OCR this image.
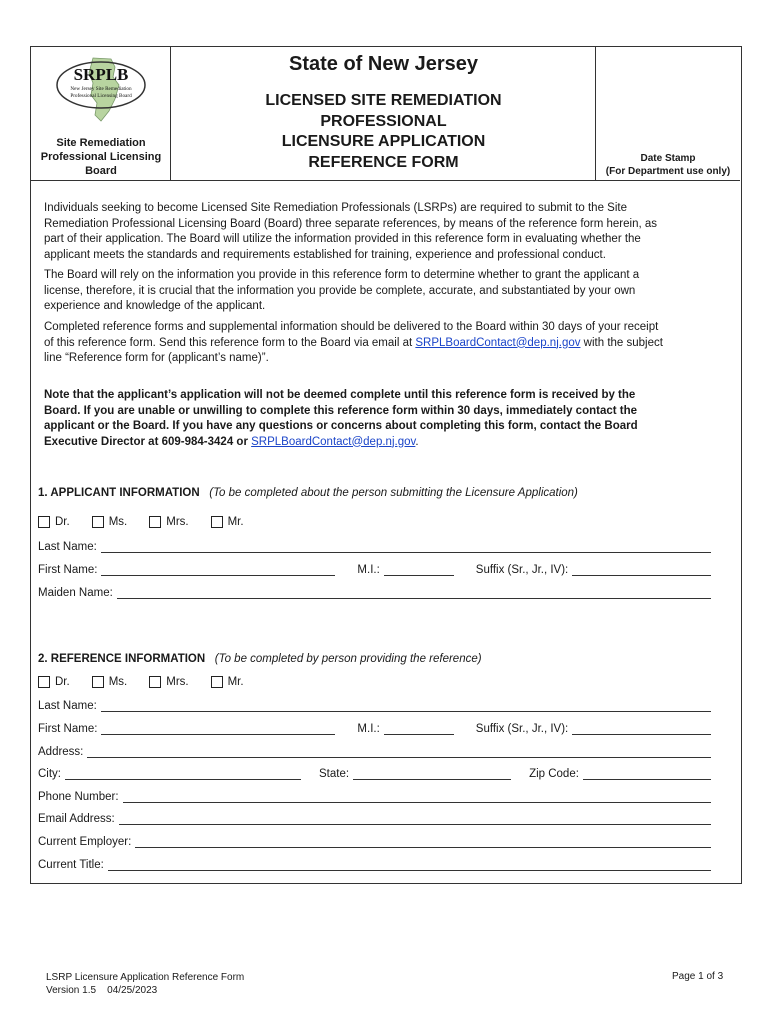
SRPLB
New Jersey Site Remediation
Professional Licensing Board
Site Remediation
Professional Licensing
Board
State of New Jersey
LICENSED SITE REMEDIATION
PROFESSIONAL
LICENSURE APPLICATION
REFERENCE FORM	Date Stamp
(For Department use only)

Individuals seeking to become Licensed Site Remediation Professionals (LSRPs) are required to submit to the Site

Remediation Professional Licensing Board (Board) three separate references, by means of the reference form herein, as

part of their application. The Board will utilize the information provided in this reference form in evaluating whether the

applicant meets the standards and requirements established for training, experience and professional conduct.

The Board will rely on the information you provide in this reference form to determine whether to grant the applicant a

license, therefore, it is crucial that the information you provide be complete, accurate, and substantiated by your own

experience and knowledge of the applicant.

Completed reference forms and supplemental information should be delivered to the Board within 30 days of your receipt

of this reference form. Send this reference form to the Board via email at SRPLBoardContact@dep.nj.gov with the subject

line “Reference form for (applicant’s name)”.

Note that the applicant’s application will not be deemed complete until this reference form is received by the

Board. If you are unable or unwilling to complete this reference form within 30 days, immediately contact the

applicant or the Board. If you have any questions or concerns about completing this form, contact the Board

Executive Director at 609-984-3424 or SRPLBoardContact@dep.nj.gov.

1. APPLICANT INFORMATION (To be completed about the person submitting the Licensure Application)
Dr.	Ms.	Mrs.	Mr.
Last Name:
First Name:	M.I.:	Suffix (Sr., Jr., IV):
Maiden Name:
2. REFERENCE INFORMATION (To be completed by person providing the reference)
Dr.	Ms.	Mrs.	Mr.
Last Name:
First Name:	M.I.:	Suffix (Sr., Jr., IV):
Address:
City:	State:	Zip Code:
Phone Number:
Email Address:
Current Employer:
Current Title:
LSRP Licensure Application Reference Form
Version 1.5    04/25/2023
Page 1 of 3
